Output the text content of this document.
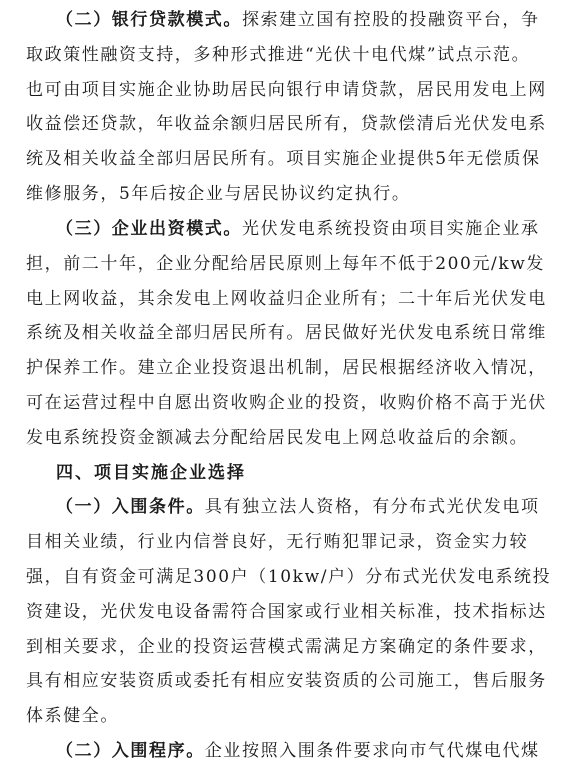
（二）银行贷款模式。探索建立国有控股的投融资平台，争
取政策性融资支持，多种形式推进“光伏十电代煤”试点示范。
也可由项目实施企业协助居民向银行申请贷款，居民用发电上网
收益偿还贷款，年收益余额归居民所有，贷款偿清后光伏发电系
统及相关收益全部归居民所有。项目实施企业提供5年无偿质保
维修服务，5年后按企业与居民协议约定执行。
（三）企业出资模式。光伏发电系统投资由项目实施企业承
担，前二十年，企业分配给居民原则上每年不低于200元/kw发
电上网收益，其余发电上网收益归企业所有；二十年后光伏发电
系统及相关收益全部归居民所有。居民做好光伏发电系统日常维
护保养工作。建立企业投资退出机制，居民根据经济收入情况，
可在运营过程中自愿出资收购企业的投资，收购价格不高于光伏
发电系统投资金额减去分配给居民发电上网总收益后的余额。
四、项目实施企业选择
（一）入围条件。具有独立法人资格，有分布式光伏发电项
目相关业绩，行业内信誉良好，无行贿犯罪记录，资金实力较
强，自有资金可满足300户（10kw/户）分布式光伏发电系统投
资建设，光伏发电设备需符合国家或行业相关标准，技术指标达
到相关要求，企业的投资运营模式需满足方案确定的条件要求，
具有相应安装资质或委托有相应安装资质的公司施工，售后服务
体系健全。
（二）入围程序。企业按照入围条件要求向市气代煤电代煤
